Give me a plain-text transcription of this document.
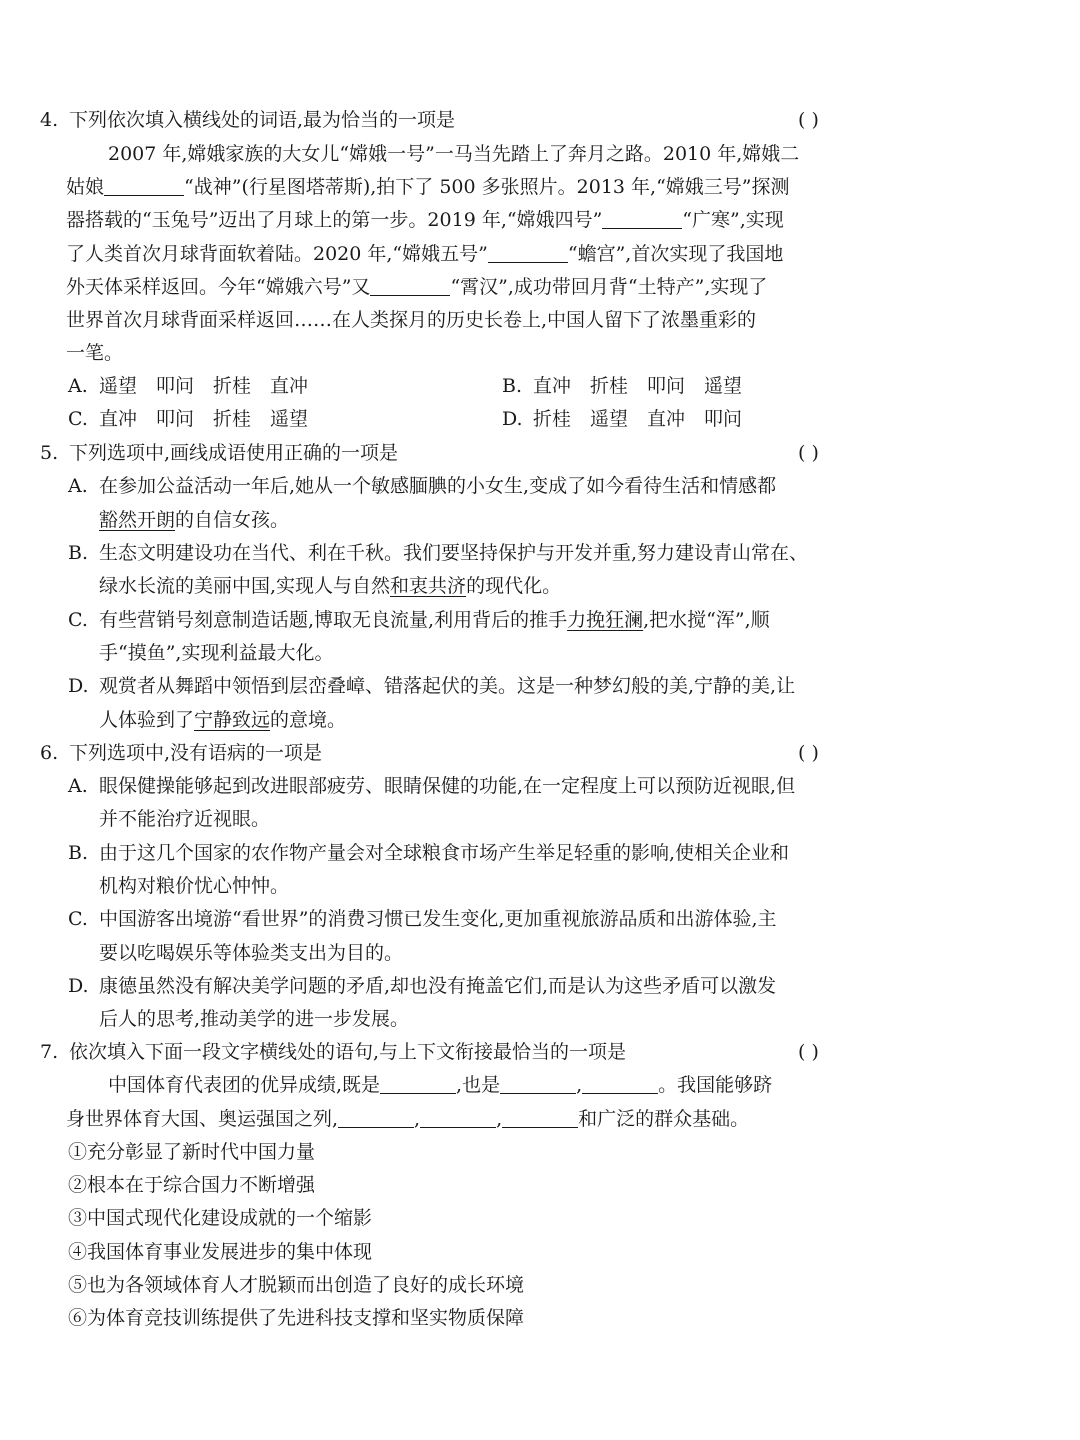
4. 下列依次填入横线处的词语,最为恰当的一项是	( )
2007 年,嫦娥家族的大女儿“嫦娥一号”一马当先踏上了奔月之路。2010 年,嫦娥二
姑娘	“战神”(行星图塔蒂斯),拍下了 500 多张照片。2013 年,“嫦娥三号”探测
器搭载的“玉兔号”迈出了月球上的第一步。2019 年,“嫦娥四号”	“广寒”,实现
了人类首次月球背面软着陆。2020 年,“嫦娥五号”	“蟾宫”,首次实现了我国地
外天体采样返回。今年“嫦娥六号”又	“霄汉”,成功带回月背“土特产”,实现了
世界首次月球背面采样返回……在人类探月的历史长卷上,中国人留下了浓墨重彩的
一笔。
A. 遥望　叩问　折桂　直冲	B. 直冲　折桂　叩问　遥望
C. 直冲　叩问　折桂　遥望	D. 折桂　遥望　直冲　叩问
5. 下列选项中,画线成语使用正确的一项是	( )
A. 在参加公益活动一年后,她从一个敏感腼腆的小女生,变成了如今看待生活和情感都
豁然开朗的自信女孩。
B. 生态文明建设功在当代、利在千秋。我们要坚持保护与开发并重,努力建设青山常在、
绿水长流的美丽中国,实现人与自然和衷共济的现代化。
C. 有些营销号刻意制造话题,博取无良流量,利用背后的推手力挽狂澜,把水搅“浑”,顺
手“摸鱼”,实现利益最大化。
D. 观赏者从舞蹈中领悟到层峦叠嶂、错落起伏的美。这是一种梦幻般的美,宁静的美,让
人体验到了宁静致远的意境。
6. 下列选项中,没有语病的一项是	( )
A. 眼保健操能够起到改进眼部疲劳、眼睛保健的功能,在一定程度上可以预防近视眼,但
并不能治疗近视眼。
B. 由于这几个国家的农作物产量会对全球粮食市场产生举足轻重的影响,使相关企业和
机构对粮价忧心忡忡。
C. 中国游客出境游“看世界”的消费习惯已发生变化,更加重视旅游品质和出游体验,主
要以吃喝娱乐等体验类支出为目的。
D. 康德虽然没有解决美学问题的矛盾,却也没有掩盖它们,而是认为这些矛盾可以激发
后人的思考,推动美学的进一步发展。
7. 依次填入下面一段文字横线处的语句,与上下文衔接最恰当的一项是	( )
中国体育代表团的优异成绩,既是	,也是	,	。我国能够跻
身世界体育大国、奥运强国之列,	,	,	和广泛的群众基础。
①充分彰显了新时代中国力量
②根本在于综合国力不断增强
③中国式现代化建设成就的一个缩影
④我国体育事业发展进步的集中体现
⑤也为各领域体育人才脱颖而出创造了良好的成长环境
⑥为体育竞技训练提供了先进科技支撑和坚实物质保障
